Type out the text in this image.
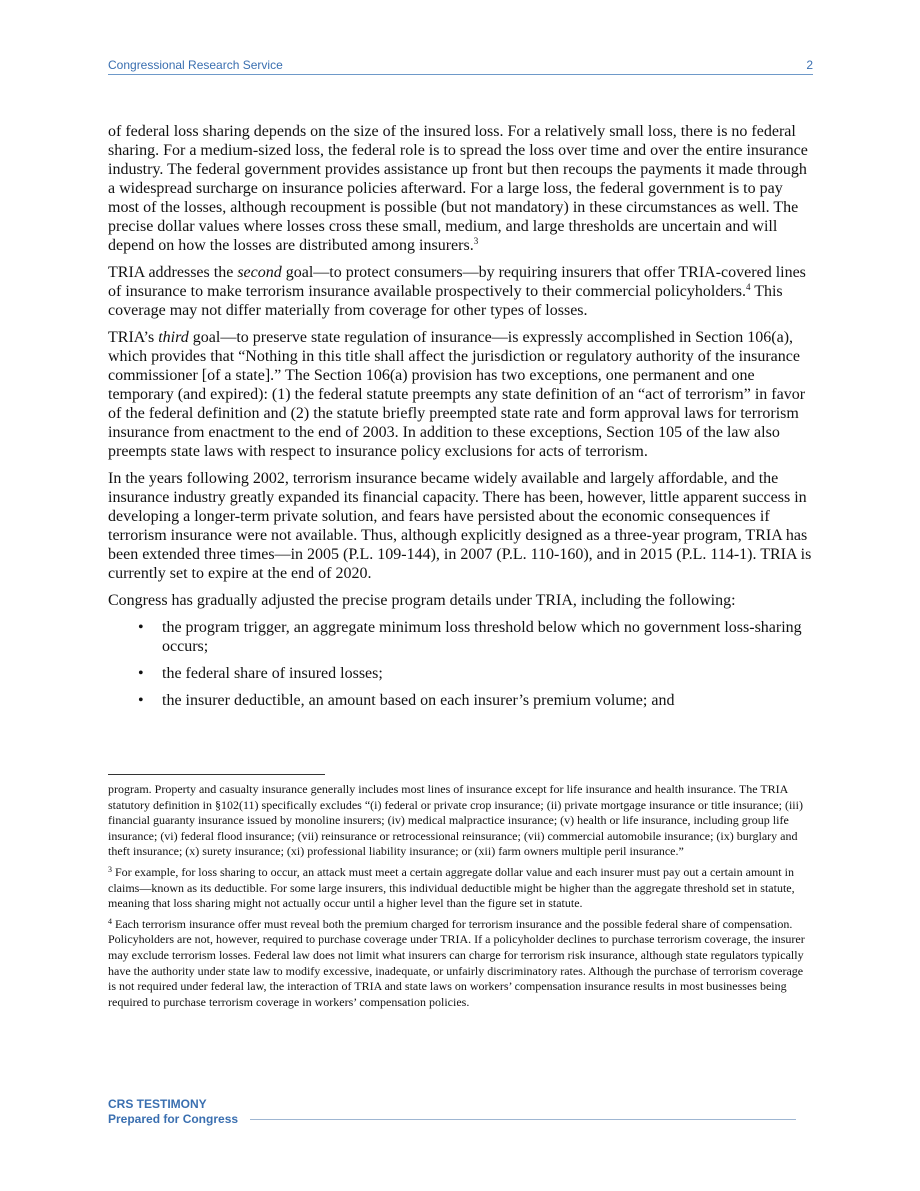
Congressional Research Service	2

of federal loss sharing depends on the size of the insured loss. For a relatively small loss, there is no federal sharing. For a medium-sized loss, the federal role is to spread the loss over time and over the entire insurance industry. The federal government provides assistance up front but then recoups the payments it made through a widespread surcharge on insurance policies afterward. For a large loss, the federal government is to pay most of the losses, although recoupment is possible (but not mandatory) in these circumstances as well. The precise dollar values where losses cross these small, medium, and large thresholds are uncertain and will depend on how the losses are distributed among insurers.$^3$

TRIA addresses the second goal—to protect consumers—by requiring insurers that offer TRIA-covered lines of insurance to make terrorism insurance available prospectively to their commercial policyholders.$^4$ This coverage may not differ materially from coverage for other types of losses.

TRIA’s third goal—to preserve state regulation of insurance—is expressly accomplished in Section 106(a), which provides that “Nothing in this title shall affect the jurisdiction or regulatory authority of the insurance commissioner [of a state].” The Section 106(a) provision has two exceptions, one permanent and one temporary (and expired): (1) the federal statute preempts any state definition of an “act of terrorism” in favor of the federal definition and (2) the statute briefly preempted state rate and form approval laws for terrorism insurance from enactment to the end of 2003. In addition to these exceptions, Section 105 of the law also preempts state laws with respect to insurance policy exclusions for acts of terrorism.

In the years following 2002, terrorism insurance became widely available and largely affordable, and the insurance industry greatly expanded its financial capacity. There has been, however, little apparent success in developing a longer-term private solution, and fears have persisted about the economic consequences if terrorism insurance were not available. Thus, although explicitly designed as a three-year program, TRIA has been extended three times—in 2005 (P.L. 109-144), in 2007 (P.L. 110-160), and in 2015 (P.L. 114-1). TRIA is currently set to expire at the end of 2020.

Congress has gradually adjusted the precise program details under TRIA, including the following:

• the program trigger, an aggregate minimum loss threshold below which no government loss-sharing occurs;
• the federal share of insured losses;
• the insurer deductible, an amount based on each insurer’s premium volume; and

program. Property and casualty insurance generally includes most lines of insurance except for life insurance and health insurance. The TRIA statutory definition in §102(11) specifically excludes “(i) federal or private crop insurance; (ii) private mortgage insurance or title insurance; (iii) financial guaranty insurance issued by monoline insurers; (iv) medical malpractice insurance; (v) health or life insurance, including group life insurance; (vi) federal flood insurance; (vii) reinsurance or retrocessional reinsurance; (vii) commercial automobile insurance; (ix) burglary and theft insurance; (x) surety insurance; (xi) professional liability insurance; or (xii) farm owners multiple peril insurance.”

$^3$ For example, for loss sharing to occur, an attack must meet a certain aggregate dollar value and each insurer must pay out a certain amount in claims—known as its deductible. For some large insurers, this individual deductible might be higher than the aggregate threshold set in statute, meaning that loss sharing might not actually occur until a higher level than the figure set in statute.

$^4$ Each terrorism insurance offer must reveal both the premium charged for terrorism insurance and the possible federal share of compensation. Policyholders are not, however, required to purchase coverage under TRIA. If a policyholder declines to purchase terrorism coverage, the insurer may exclude terrorism losses. Federal law does not limit what insurers can charge for terrorism risk insurance, although state regulators typically have the authority under state law to modify excessive, inadequate, or unfairly discriminatory rates. Although the purchase of terrorism coverage is not required under federal law, the interaction of TRIA and state laws on workers’ compensation insurance results in most businesses being required to purchase terrorism coverage in workers’ compensation policies.

CRS TESTIMONY
Prepared for Congress
